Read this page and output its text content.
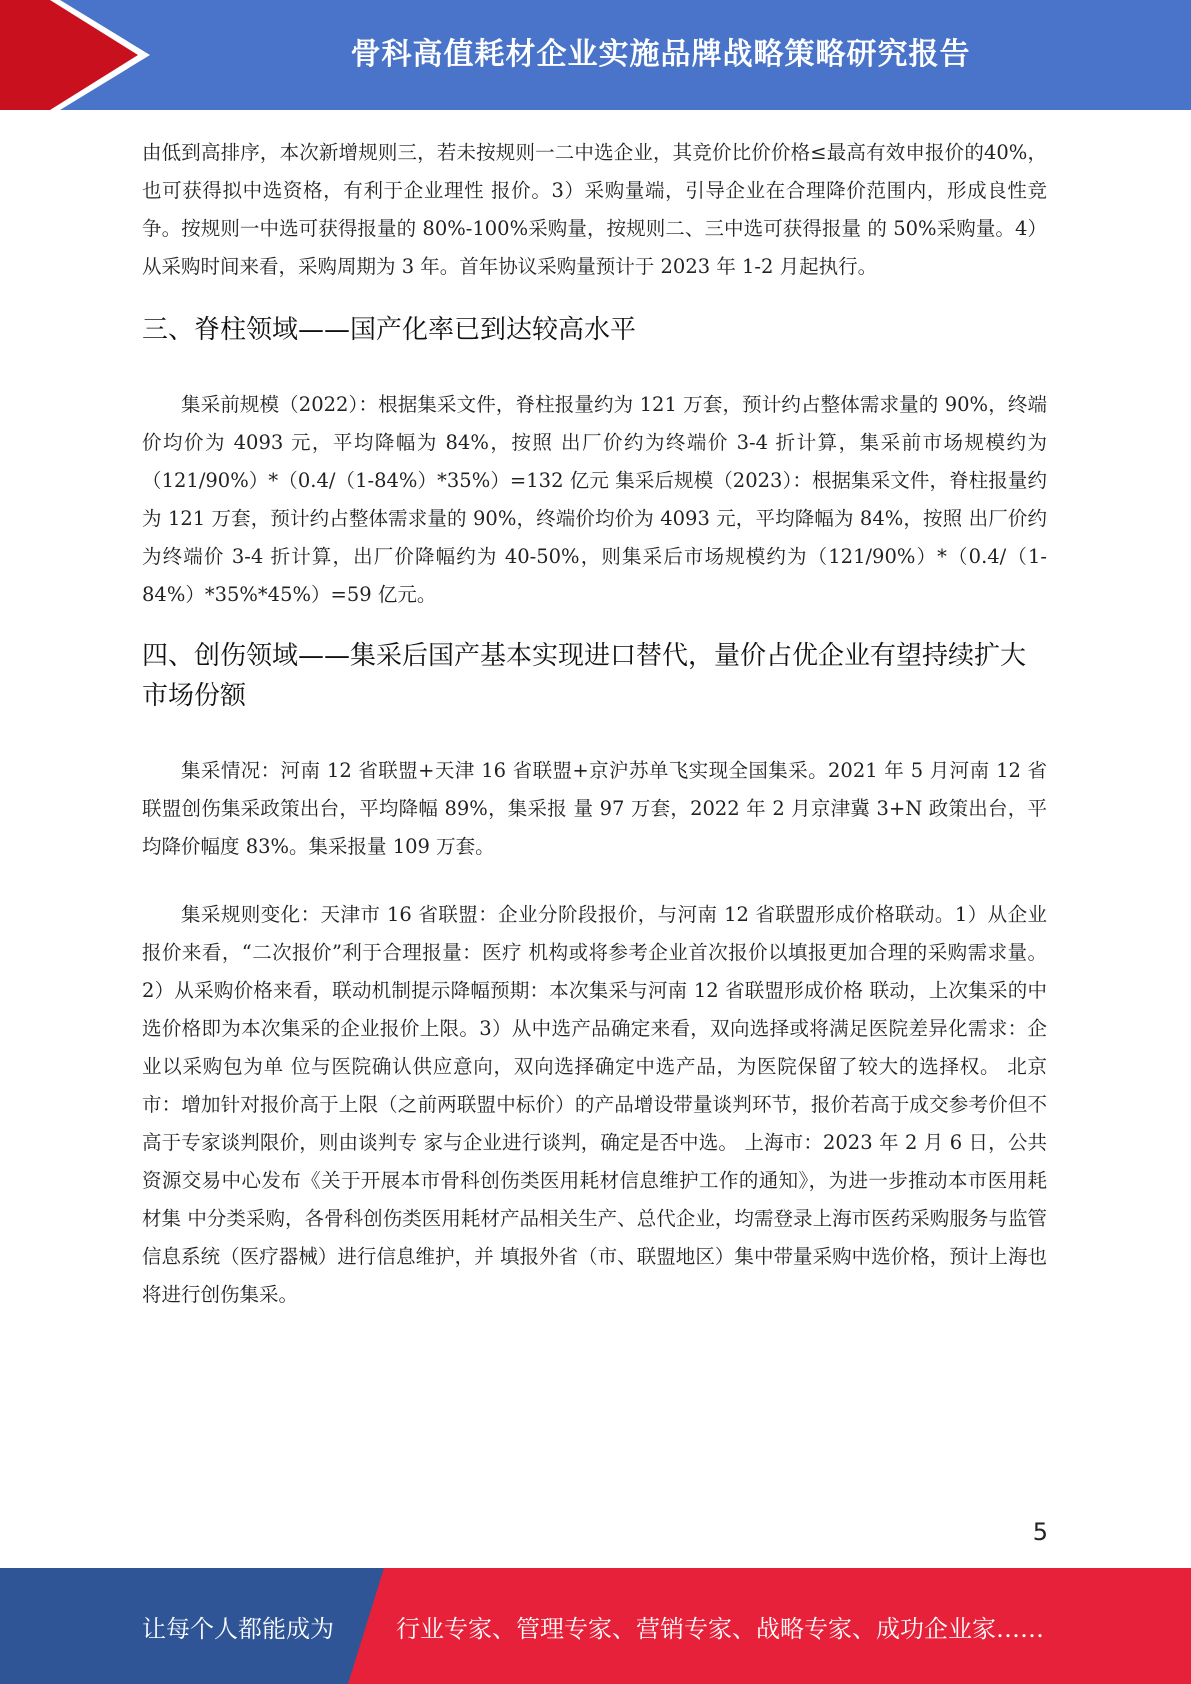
骨科高值耗材企业实施品牌战略策略研究报告

由低到高排序，本次新增规则三，若未按规则一二中选企业，其竞价比价价格≤最高有效申报价的40%，也可获得拟中选资格，有利于企业理性 报价。3）采购量端，引导企业在合理降价范围内，形成良性竞争。按规则一中选可获得报量的 80%-100%采购量，按规则二、三中选可获得报量 的 50%采购量。4）从采购时间来看，采购周期为 3 年。首年协议采购量预计于 2023 年 1-2 月起执行。

三、脊柱领域——国产化率已到达较高水平

集采前规模（2022）：根据集采文件，脊柱报量约为 121 万套，预计约占整体需求量的 90%，终端价均价为 4093 元，平均降幅为 84%，按照 出厂价约为终端价 3-4 折计算，集采前市场规模约为（121/90%）*（0.4/（1-84%）*35%）=132 亿元 集采后规模（2023）：根据集采文件，脊柱报量约为 121 万套，预计约占整体需求量的 90%，终端价均价为 4093 元，平均降幅为 84%，按照 出厂价约为终端价 3-4 折计算，出厂价降幅约为 40-50%，则集采后市场规模约为（121/90%）*（0.4/（1-84%）*35%*45%）=59 亿元。

四、创伤领域——集采后国产基本实现进口替代，量价占优企业有望持续扩大市场份额

集采情况：河南 12 省联盟+天津 16 省联盟+京沪苏单飞实现全国集采。2021 年 5 月河南 12 省联盟创伤集采政策出台，平均降幅 89%，集采报 量 97 万套，2022 年 2 月京津冀 3+N 政策出台，平均降价幅度 83%。集采报量 109 万套。

集采规则变化：天津市 16 省联盟：企业分阶段报价，与河南 12 省联盟形成价格联动。1）从企业报价来看，“二次报价”利于合理报量：医疗 机构或将参考企业首次报价以填报更加合理的采购需求量。2）从采购价格来看，联动机制提示降幅预期：本次集采与河南 12 省联盟形成价格 联动，上次集采的中选价格即为本次集采的企业报价上限。3）从中选产品确定来看，双向选择或将满足医院差异化需求：企业以采购包为单 位与医院确认供应意向，双向选择确定中选产品，为医院保留了较大的选择权。 北京市：增加针对报价高于上限（之前两联盟中标价）的产品增设带量谈判环节，报价若高于成交参考价但不高于专家谈判限价，则由谈判专 家与企业进行谈判，确定是否中选。 上海市：2023 年 2 月 6 日，公共资源交易中心发布《关于开展本市骨科创伤类医用耗材信息维护工作的通知》，为进一步推动本市医用耗材集 中分类采购，各骨科创伤类医用耗材产品相关生产、总代企业，均需登录上海市医药采购服务与监管信息系统（医疗器械）进行信息维护，并 填报外省（市、联盟地区）集中带量采购中选价格，预计上海也将进行创伤集采。

5
让每个人都能成为	行业专家、管理专家、营销专家、战略专家、成功企业家……
